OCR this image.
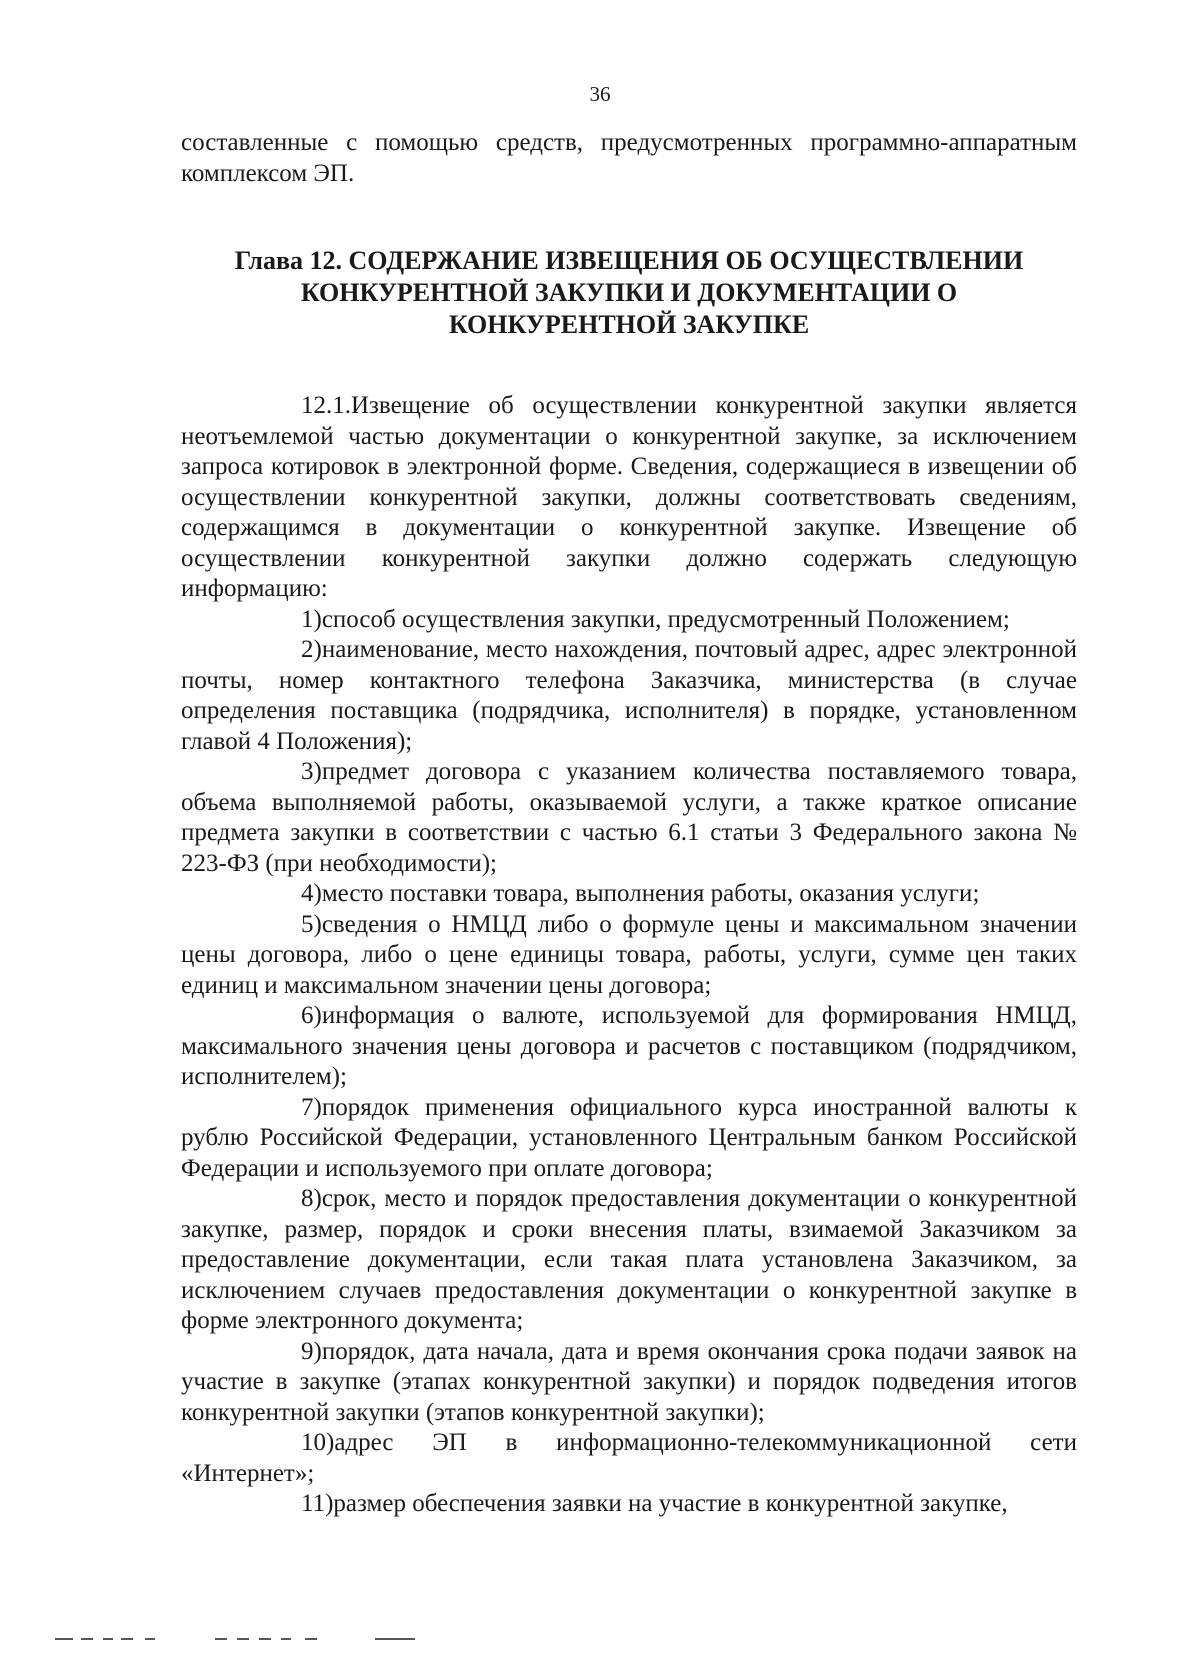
36

составленные с помощью средств, предусмотренных программно-аппаратным комплексом ЭП.

Глава 12. СОДЕРЖАНИЕ ИЗВЕЩЕНИЯ ОБ ОСУЩЕСТВЛЕНИИ
КОНКУРЕНТНОЙ ЗАКУПКИ И ДОКУМЕНТАЦИИ О
КОНКУРЕНТНОЙ ЗАКУПКЕ

12.1.Извещение об осуществлении конкурентной закупки является неотъемлемой частью документации о конкурентной закупке, за исключением запроса котировок в электронной форме. Сведения, содержащиеся в извещении об осуществлении конкурентной закупки, должны соответствовать сведениям, содержащимся в документации о конкурентной закупке. Извещение об осуществлении конкурентной закупки должно содержать следующую информацию:

1)способ осуществления закупки, предусмотренный Положением;

2)наименование, место нахождения, почтовый адрес, адрес электронной почты, номер контактного телефона Заказчика, министерства (в случае определения поставщика (подрядчика, исполнителя) в порядке, установленном главой 4 Положения);

3)предмет договора с указанием количества поставляемого товара, объема выполняемой работы, оказываемой услуги, а также краткое описание предмета закупки в соответствии с частью 6.1 статьи 3 Федерального закона № 223-ФЗ (при необходимости);

4)место поставки товара, выполнения работы, оказания услуги;

5)сведения о НМЦД либо о формуле цены и максимальном значении цены договора, либо о цене единицы товара, работы, услуги, сумме цен таких единиц и максимальном значении цены договора;

6)информация о валюте, используемой для формирования НМЦД, максимального значения цены договора и расчетов с поставщиком (подрядчиком, исполнителем);

7)порядок применения официального курса иностранной валюты к рублю Российской Федерации, установленного Центральным банком Российской Федерации и используемого при оплате договора;

8)срок, место и порядок предоставления документации о конкурентной закупке, размер, порядок и сроки внесения платы, взимаемой Заказчиком за предоставление документации, если такая плата установлена Заказчиком, за исключением случаев предоставления документации о конкурентной закупке в форме электронного документа;

9)порядок, дата начала, дата и время окончания срока подачи заявок на участие в закупке (этапах конкурентной закупки) и порядок подведения итогов конкурентной закупки (этапов конкурентной закупки);

10)адрес ЭП в информационно-телекоммуникационной сети «Интернет»;

11)размер обеспечения заявки на участие в конкурентной закупке,
